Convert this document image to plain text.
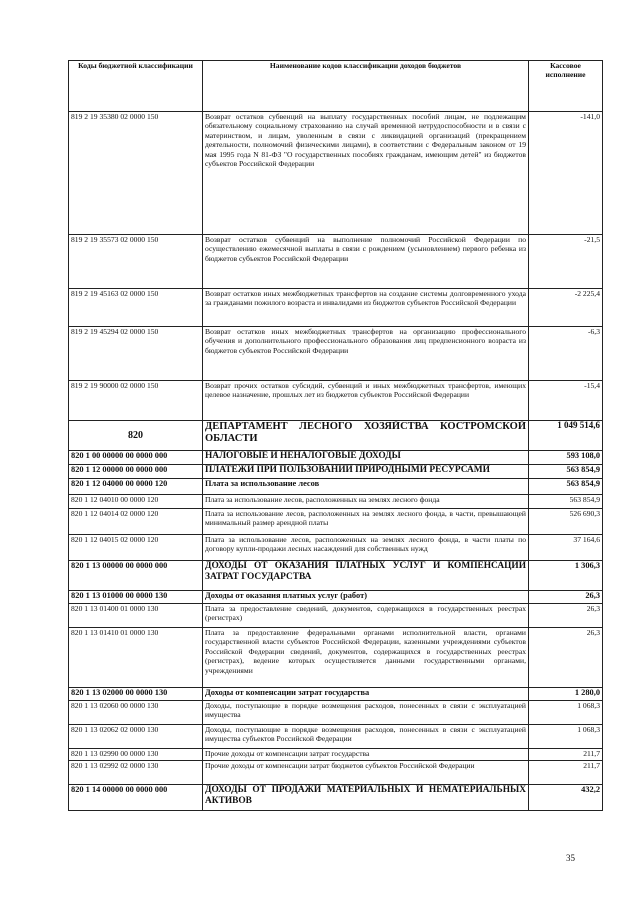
Коды бюджетной классификации	Наименование кодов классификации доходов бюджетов	Кассовое исполнение
819 2 19 35380 02 0000 150	Возврат остатков субвенций на выплату государственных пособий лицам, не подлежащим обязательному социальному страхованию на случай временной нетрудоспособности и в связи с материнством, и лицам, уволенным в связи с ликвидацией организаций (прекращением деятельности, полномочий физическими лицами), в соответствии с Федеральным законом от 19 мая 1995 года N 81-ФЗ "О государственных пособиях гражданам, имеющим детей" из бюджетов субъектов Российской Федерации	-141,0
819 2 19 35573 02 0000 150	Возврат остатков субвенций на выполнение полномочий Российской Федерации по осуществлению ежемесячной выплаты в связи с рождением (усыновлением) первого ребенка из бюджетов субъектов Российской Федерации	-21,5
819 2 19 45163 02 0000 150	Возврат остатков иных межбюджетных трансфертов на создание системы долговременного ухода за гражданами пожилого возраста и инвалидами из бюджетов субъектов Российской Федерации	-2 225,4
819 2 19 45294 02 0000 150	Возврат остатков иных межбюджетных трансфертов на организацию профессионального обучения и дополнительного профессионального образования лиц предпенсионного возраста из бюджетов субъектов Российской Федерации	-6,3
819 2 19 90000 02 0000 150	Возврат прочих остатков субсидий, субвенций и иных межбюджетных трансфертов, имеющих целевое назначение, прошлых лет из бюджетов субъектов Российской Федерации	-15,4
820	ДЕПАРТАМЕНТ ЛЕСНОГО ХОЗЯЙСТВА КОСТРОМСКОЙ ОБЛАСТИ	1 049 514,6
820 1 00 00000 00 0000 000	НАЛОГОВЫЕ И НЕНАЛОГОВЫЕ ДОХОДЫ	593 108,0
820 1 12 00000 00 0000 000	ПЛАТЕЖИ ПРИ ПОЛЬЗОВАНИИ ПРИРОДНЫМИ РЕСУРСАМИ	563 854,9
820 1 12 04000 00 0000 120	Плата за использование лесов	563 854,9
820 1 12 04010 00 0000 120	Плата за использование лесов, расположенных на землях лесного фонда	563 854,9
820 1 12 04014 02 0000 120	Плата за использование лесов, расположенных на землях лесного фонда, в части, превышающей минимальный размер арендной платы	526 690,3
820 1 12 04015 02 0000 120	Плата за использование лесов, расположенных на землях лесного фонда, в части платы по договору купли-продажи лесных насаждений для собственных нужд	37 164,6
820 1 13 00000 00 0000 000	ДОХОДЫ ОТ ОКАЗАНИЯ ПЛАТНЫХ УСЛУГ И КОМПЕНСАЦИИ ЗАТРАТ ГОСУДАРСТВА	1 306,3
820 1 13 01000 00 0000 130	Доходы от оказания платных услуг (работ)	26,3
820 1 13 01400 01 0000 130	Плата за предоставление сведений, документов, содержащихся в государственных реестрах (регистрах)	26,3
820 1 13 01410 01 0000 130	Плата за предоставление федеральными органами исполнительной власти, органами государственной власти субъектов Российской Федерации, казенными учреждениями субъектов Российской Федерации сведений, документов, содержащихся в государственных реестрах (регистрах), ведение которых осуществляется данными государственными органами, учреждениями	26,3
820 1 13 02000 00 0000 130	Доходы от компенсации затрат государства	1 280,0
820 1 13 02060 00 0000 130	Доходы, поступающие в порядке возмещения расходов, понесенных в связи с эксплуатацией имущества	1 068,3
820 1 13 02062 02 0000 130	Доходы, поступающие в порядке возмещения расходов, понесенных в связи с эксплуатацией имущества субъектов Российской Федерации	1 068,3
820 1 13 02990 00 0000 130	Прочие доходы от компенсации затрат государства	211,7
820 1 13 02992 02 0000 130	Прочие доходы от компенсации затрат бюджетов субъектов Российской Федерации	211,7
820 1 14 00000 00 0000 000	ДОХОДЫ ОТ ПРОДАЖИ МАТЕРИАЛЬНЫХ И НЕМАТЕРИАЛЬНЫХ АКТИВОВ	432,2
35
